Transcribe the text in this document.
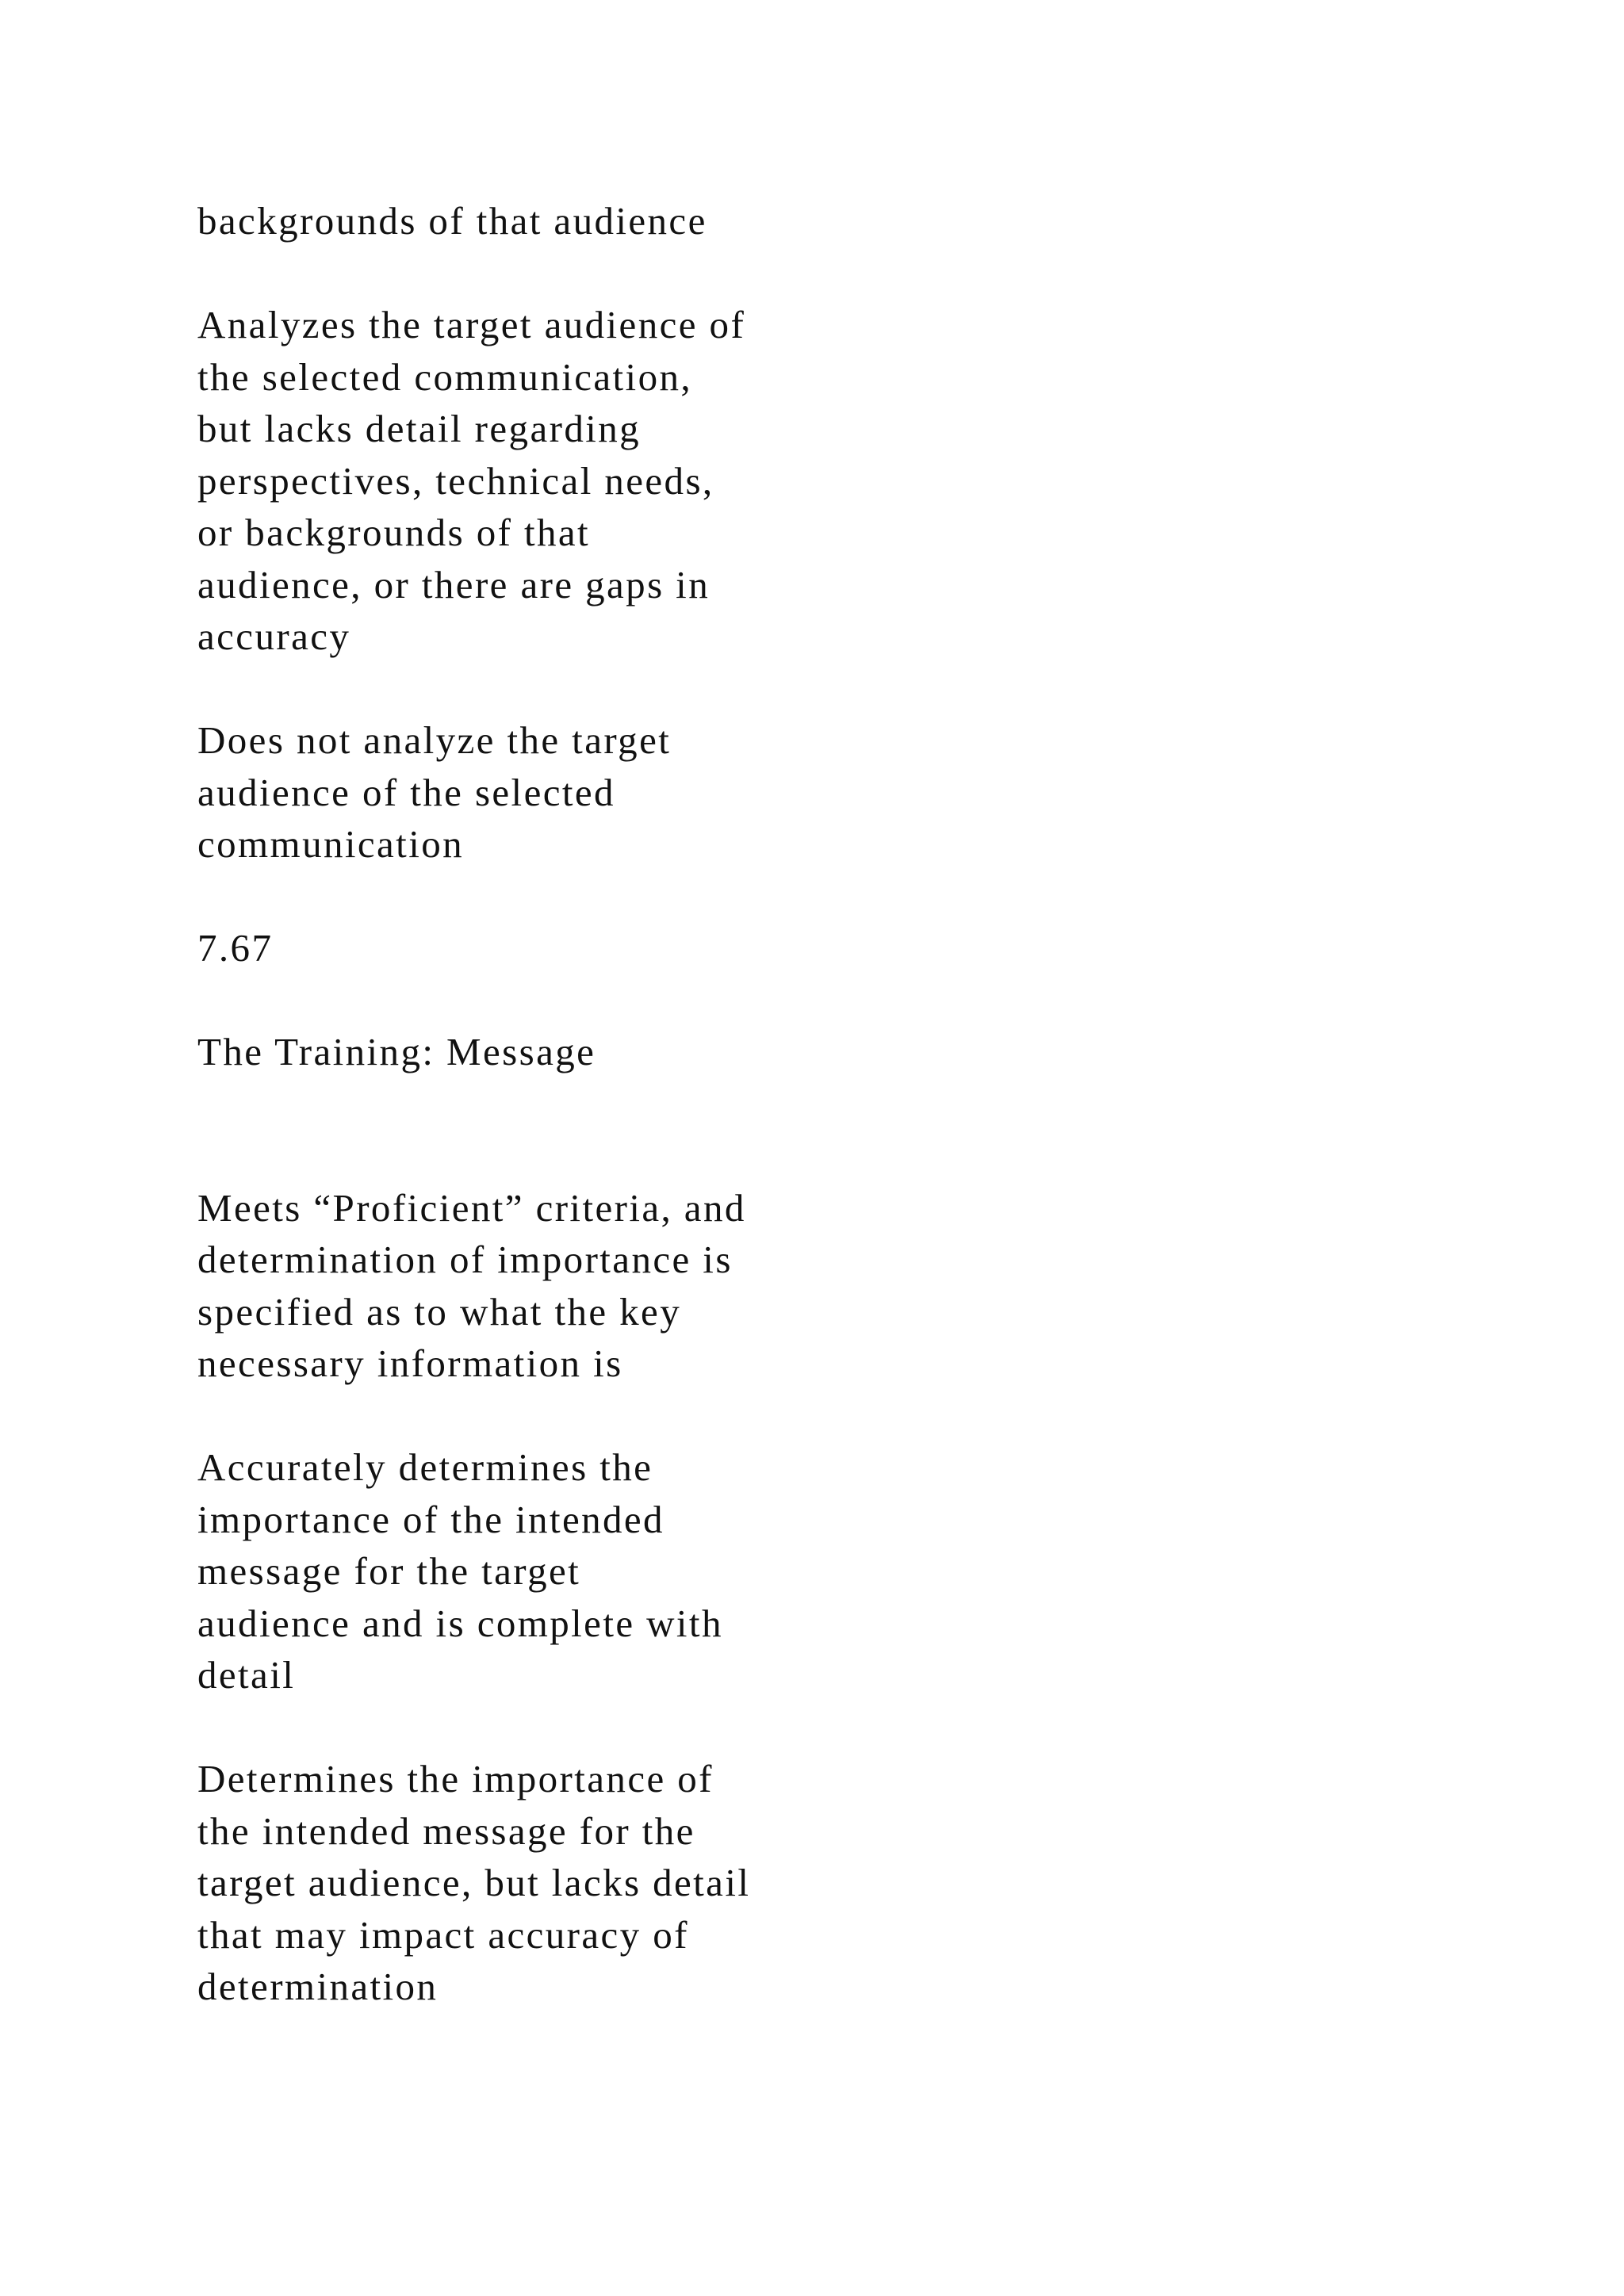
backgrounds of that audience

Analyzes the target audience of
the selected communication,
but lacks detail regarding
perspectives, technical needs,
or backgrounds of that
audience, or there are gaps in
accuracy

Does not analyze the target
audience of the selected
communication

7.67

The Training: Message

Meets “Proficient” criteria, and
determination of importance is
specified as to what the key
necessary information is

Accurately determines the
importance of the intended
message for the target
audience and is complete with
detail

Determines the importance of
the intended message for the
target audience, but lacks detail
that may impact accuracy of
determination
